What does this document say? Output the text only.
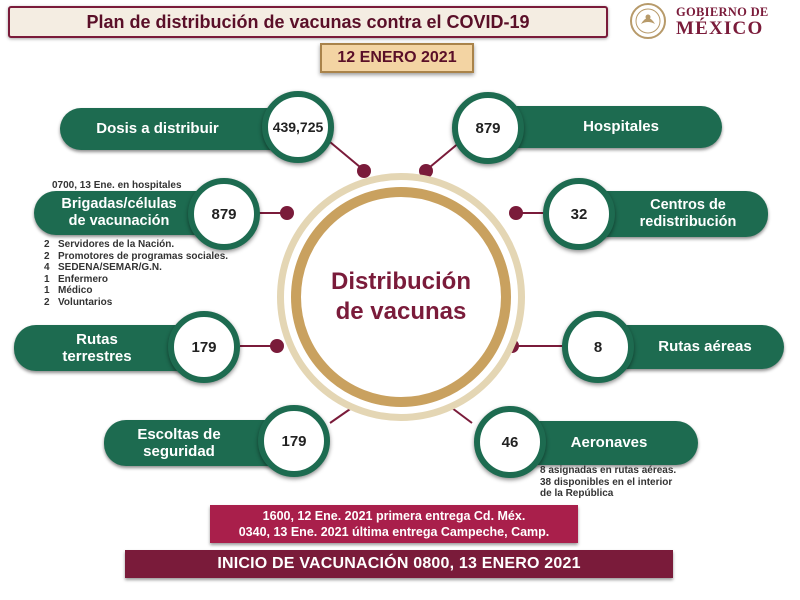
Plan de distribución de vacunas contra el COVID-19	GOBIERNO DE
MÉXICO
12 ENERO 2021
Distribución
de vacunas
Dosis a distribuir	439,725	Hospitales
879
0700, 13 Ene. en hospitales
Brigadas/células
de vacunación	879
2 Servidores de la Nación.
2 Promotores de programas sociales.
4 SEDENA/SEMAR/G.N.
1 Enfermero
1 Médico
2 Voluntarios
Centros de
redistribución
32
Rutas
terrestres
179	Rutas aéreas
8
Escoltas de
seguridad
179	Aeronaves
46
8 asignadas en rutas aéreas.
38 disponibles en el interior
de la República
1600, 12 Ene. 2021 primera entrega Cd. Méx.
0340, 13 Ene. 2021 última entrega Campeche, Camp.
INICIO DE VACUNACIÓN 0800, 13 ENERO 2021
